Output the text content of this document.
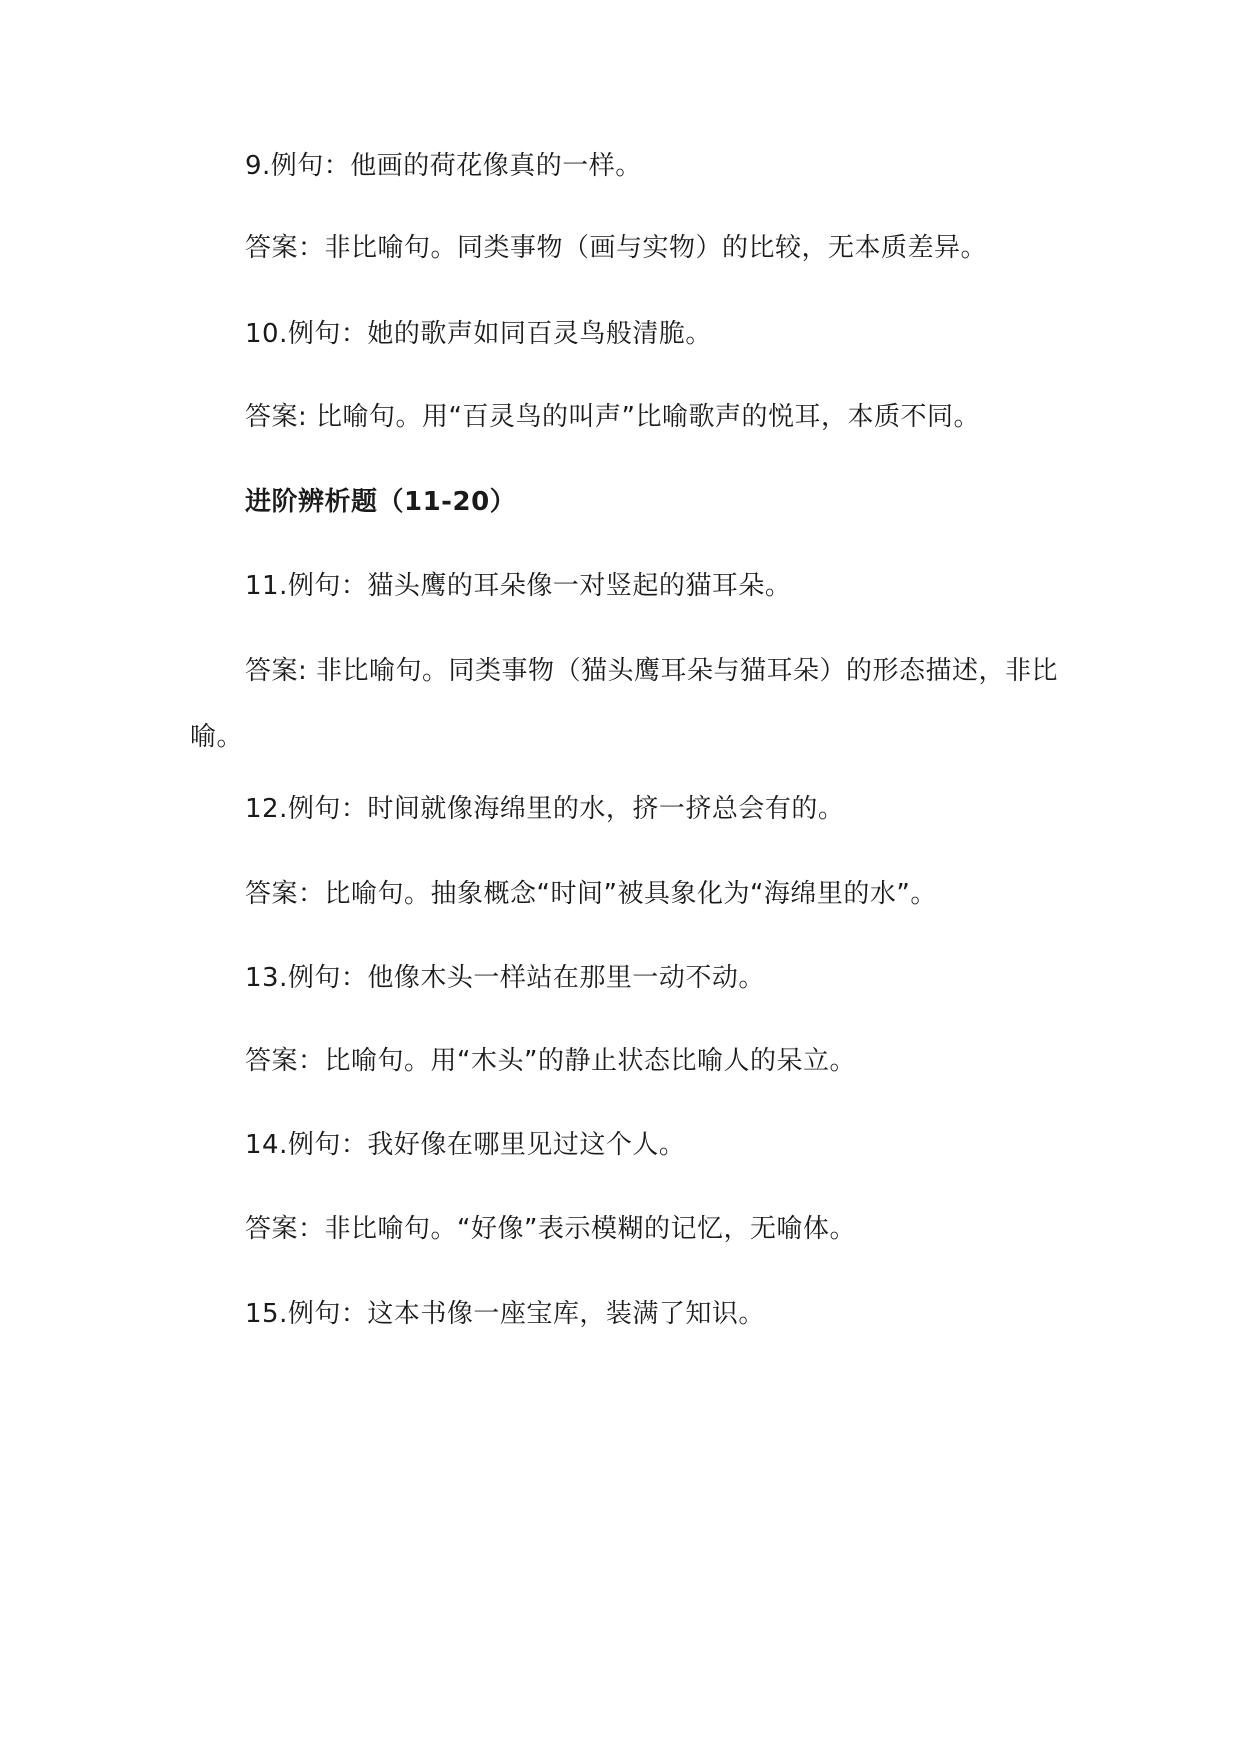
9.例句：他画的荷花像真的一样。
答案：非比喻句。同类事物（画与实物）的比较，无本质差异。
10.例句：她的歌声如同百灵鸟般清脆。
答案: 比喻句。用“百灵鸟的叫声”比喻歌声的悦耳，本质不同。
进阶辨析题（11-20）
11.例句：猫头鹰的耳朵像一对竖起的猫耳朵。
答案: 非比喻句。同类事物（猫头鹰耳朵与猫耳朵）的形态描述，非比喻。
12.例句：时间就像海绵里的水，挤一挤总会有的。
答案：比喻句。抽象概念“时间”被具象化为“海绵里的水”。
13.例句：他像木头一样站在那里一动不动。
答案：比喻句。用“木头”的静止状态比喻人的呆立。
14.例句：我好像在哪里见过这个人。
答案：非比喻句。“好像”表示模糊的记忆，无喻体。
15.例句：这本书像一座宝库，装满了知识。
